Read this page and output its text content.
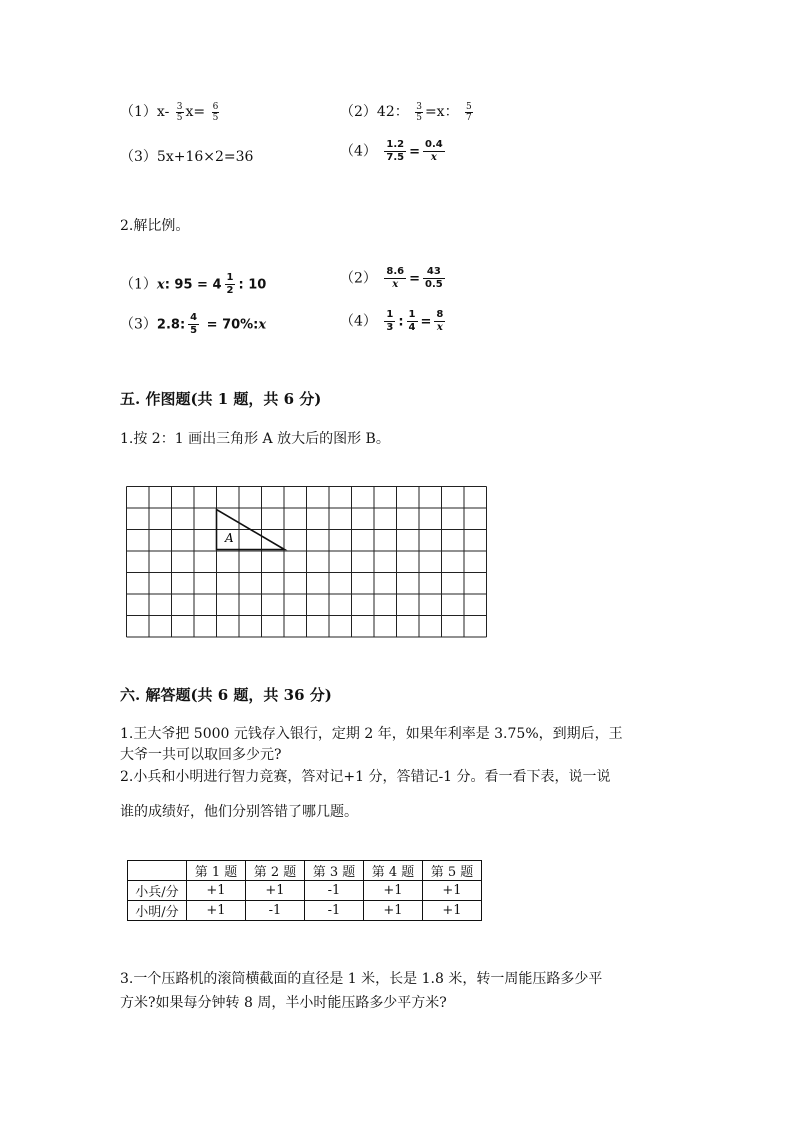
$(1)x- \frac{3}{5} x= \frac{6}{5}$	（2）42： $\frac{3}{5} =x$： $\frac{5}{7}$
（3）5x+16×2=36	$(4) \frac{1.2}{7.5} = \frac{0.4}{x}$
2.解比例。
（1）x: $95 = 4 \frac{1}{2}$ : 10	$(2) \frac{8.6}{x} = \frac{43}{0.5}$
（3）2.8: $\frac{4}{5}$ = 70%:x	$(4) \frac{1}{3}$ : $\frac{1}{4} = \frac{8}{x}$
五. 作图题(共 1 题，共 6 分)
1.按 2：1 画出三角形 A 放大后的图形 B。
A
六. 解答题(共 6 题，共 36 分)
1.王大爷把 5000 元钱存入银行，定期 2 年，如果年利率是 3.75%，到期后，王
大爷一共可以取回多少元?
2.小兵和小明进行智力竞赛，答对记+1 分，答错记-1 分。看一看下表，说一说
谁的成绩好，他们分别答错了哪几题。
	第 1 题	第 2 题	第 3 题	第 4 题	第 5 题
小兵/分	+1	+1	-1	+1	+1
小明/分	+1	-1	-1	+1	+1
3.一个压路机的滚筒横截面的直径是 1 米，长是 1.8 米，转一周能压路多少平
方米?如果每分钟转 8 周，半小时能压路多少平方米?
